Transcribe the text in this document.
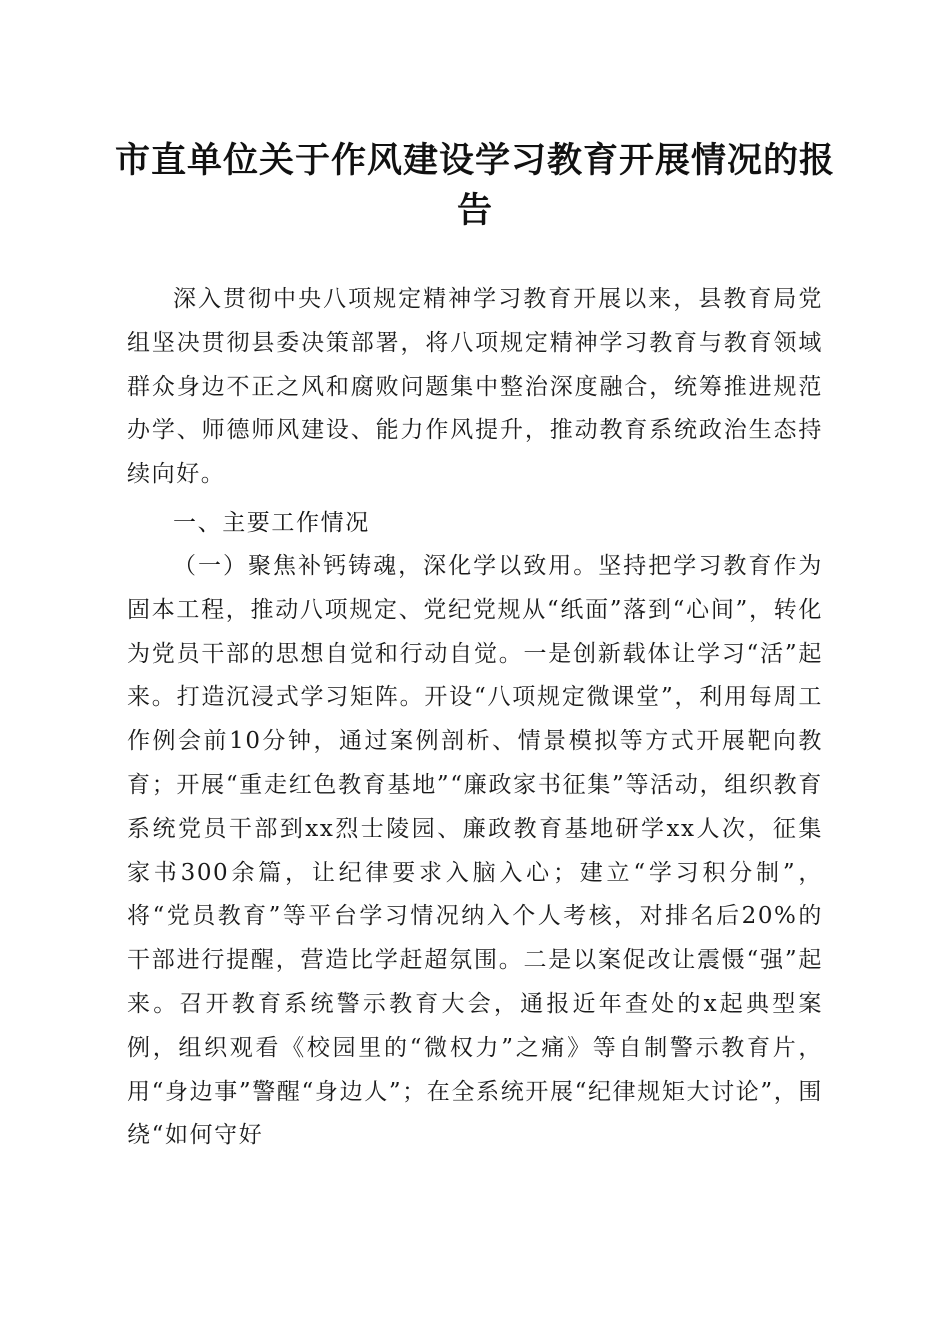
市直单位关于作风建设学习教育开展情况的报告
深入贯彻中央八项规定精神学习教育开展以来，县教育局党组坚决贯彻县委决策部署，将八项规定精神学习教育与教育领域群众身边不正之风和腐败问题集中整治深度融合，统筹推进规范办学、师德师风建设、能力作风提升，推动教育系统政治生态持续向好。
一、主要工作情况
（一）聚焦补钙铸魂，深化学以致用。坚持把学习教育作为固本工程，推动八项规定、党纪党规从“纸面”落到“心间”，转化为党员干部的思想自觉和行动自觉。一是创新载体让学习“活”起来。打造沉浸式学习矩阵。开设“八项规定微课堂”，利用每周工作例会前10分钟，通过案例剖析、情景模拟等方式开展靶向教育；开展“重走红色教育基地”“廉政家书征集”等活动，组织教育系统党员干部到xx烈士陵园、廉政教育基地研学xx人次，征集家书300余篇，让纪律要求入脑入心；建立“学习积分制”，将“党员教育”等平台学习情况纳入个人考核，对排名后20%的干部进行提醒，营造比学赶超氛围。二是以案促改让震慑“强”起来。召开教育系统警示教育大会，通报近年查处的x起典型案例，组织观看《校园里的“微权力”之痛》等自制警示教育片，用“身边事”警醒“身边人”；在全系统开展“纪律规矩大讨论”，围绕“如何守好
